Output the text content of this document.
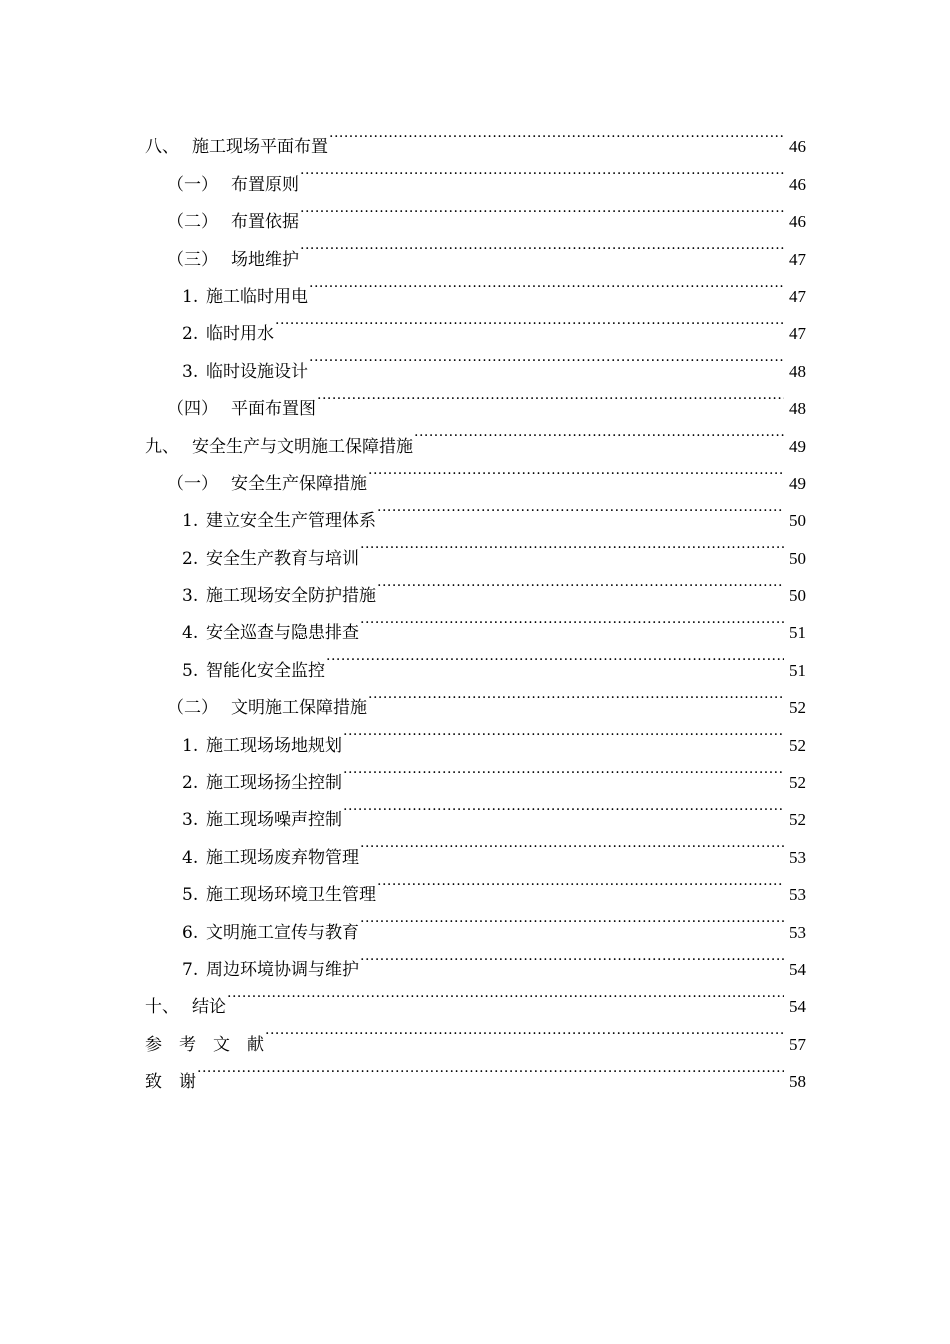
八、 施工现场平面布置 .....	46
（一） 布置原则 .....	46
（二） 布置依据 .....	46
（三） 场地维护 .....	47
1. 施工临时用电 .....	47
2. 临时用水 .....	47
3. 临时设施设计 .....	48
（四） 平面布置图 .....	48
九、 安全生产与文明施工保障措施 .....	49
（一） 安全生产保障措施 .....	49
1. 建立安全生产管理体系 .....	50
2. 安全生产教育与培训 .....	50
3. 施工现场安全防护措施 .....	50
4. 安全巡查与隐患排查 .....	51
5. 智能化安全监控 .....	51
（二） 文明施工保障措施 .....	52
1. 施工现场场地规划 .....	52
2. 施工现场扬尘控制 .....	52
3. 施工现场噪声控制 .....	52
4. 施工现场废弃物管理 .....	53
5. 施工现场环境卫生管理 .....	53
6. 文明施工宣传与教育 .....	53
7. 周边环境协调与维护 .....	54
十、 结论 .....	54
参　考　文　献 .....	57
致　谢 .....	58
